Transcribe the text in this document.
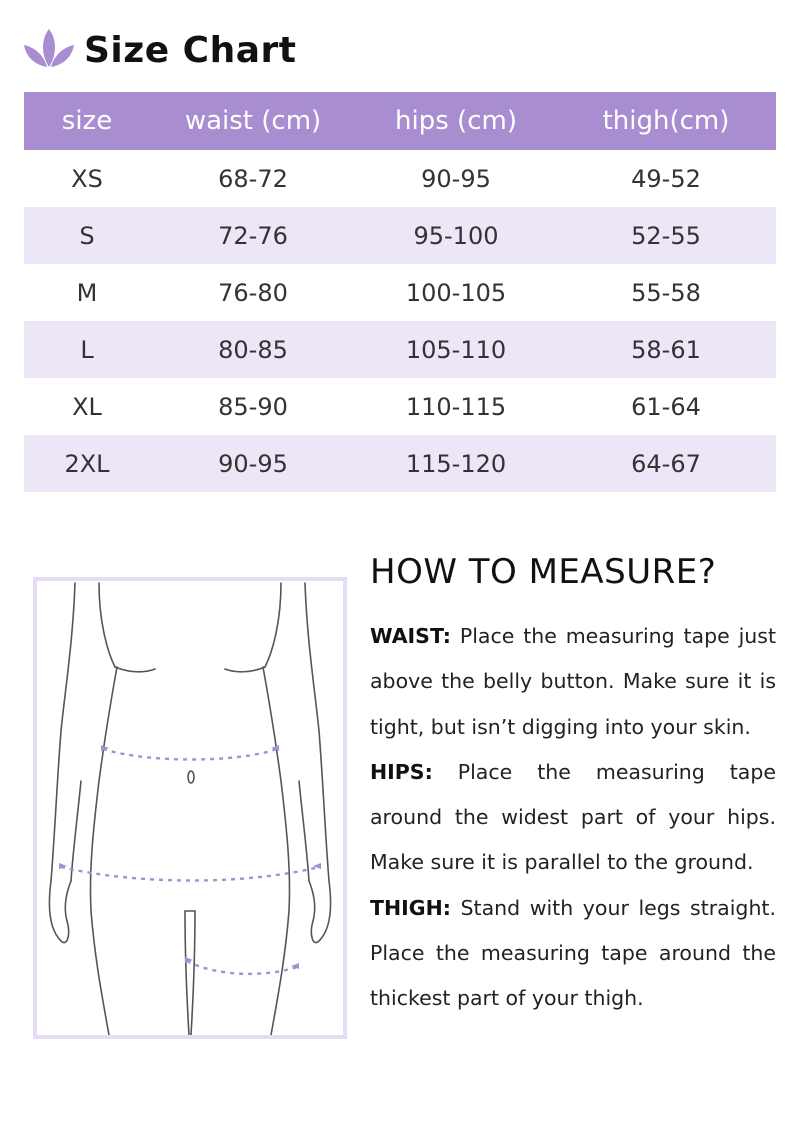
Size Chart
size	waist (cm)	hips (cm)	thigh(cm)
XS	68-72	90-95	49-52
S	72-76	95-100	52-55
M	76-80	100-105	55-58
L	80-85	105-110	58-61
XL	85-90	110-115	61-64
2XL	90-95	115-120	64-67
HOW TO MEASURE?

WAIST: Place the measuring tape just above the belly button. Make sure it is tight, but isn’t digging into your skin.

HIPS: Place the measuring tape around the widest part of your hips. Make sure it is parallel to the ground.

THIGH: Stand with your legs straight. Place the measuring tape around the thickest part of your thigh.
